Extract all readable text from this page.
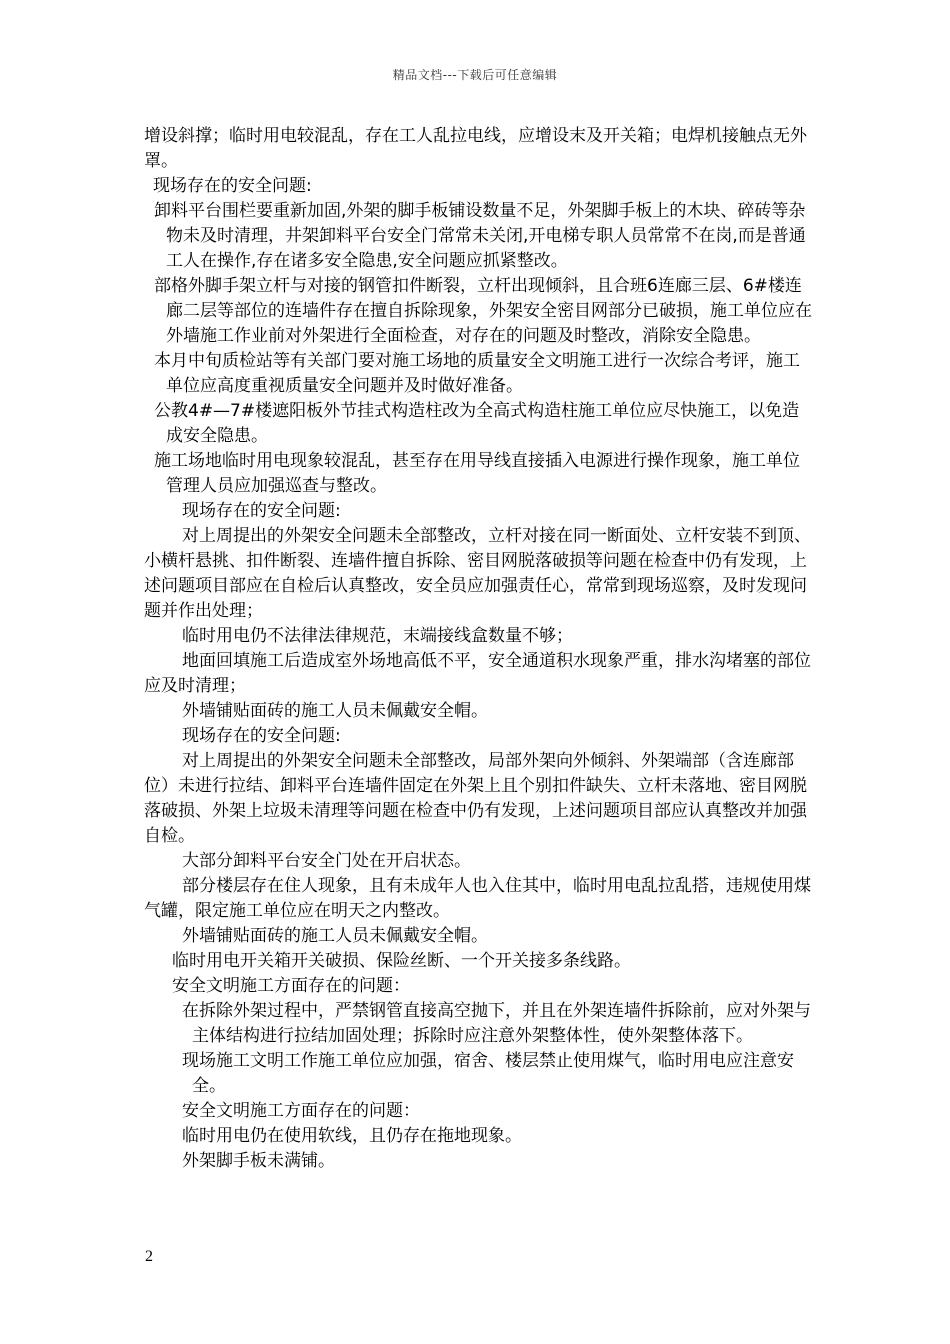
精品文档---下载后可任意编辑

增设斜撑；临时用电较混乱，存在工人乱拉电线，应增设末及开关箱；电焊机接触点无外罩。

现场存在的安全问题:

卸料平台围栏要重新加固,外架的脚手板铺设数量不足，外架脚手板上的木块、碎砖等杂物未及时清理，井架卸料平台安全门常常未关闭,开电梯专职人员常常不在岗,而是普通工人在操作,存在诸多安全隐患,安全问题应抓紧整改。

部格外脚手架立杆与对接的钢管扣件断裂，立杆出现倾斜，且合班6连廊三层、6#楼连廊二层等部位的连墙件存在擅自拆除现象，外架安全密目网部分已破损，施工单位应在外墙施工作业前对外架进行全面检查，对存在的问题及时整改，消除安全隐患。

本月中旬质检站等有关部门要对施工场地的质量安全文明施工进行一次综合考评，施工单位应高度重视质量安全问题并及时做好准备。

公教4#—7#楼遮阳板外节挂式构造柱改为全高式构造柱施工单位应尽快施工，以免造成安全隐患。

施工场地临时用电现象较混乱，甚至存在用导线直接插入电源进行操作现象，施工单位管理人员应加强巡查与整改。

现场存在的安全问题:

对上周提出的外架安全问题未全部整改，立杆对接在同一断面处、立杆安装不到顶、小横杆悬挑、扣件断裂、连墙件擅自拆除、密目网脱落破损等问题在检查中仍有发现，上述问题项目部应在自检后认真整改，安全员应加强责任心，常常到现场巡察，及时发现问题并作出处理；

临时用电仍不法律法律规范，末端接线盒数量不够；

地面回填施工后造成室外场地高低不平，安全通道积水现象严重，排水沟堵塞的部位应及时清理；

外墙铺贴面砖的施工人员未佩戴安全帽。

现场存在的安全问题:

对上周提出的外架安全问题未全部整改，局部外架向外倾斜、外架端部（含连廊部位）未进行拉结、卸料平台连墙件固定在外架上且个别扣件缺失、立杆未落地、密目网脱落破损、外架上垃圾未清理等问题在检查中仍有发现，上述问题项目部应认真整改并加强自检。

大部分卸料平台安全门处在开启状态。

部分楼层存在住人现象，且有未成年人也入住其中，临时用电乱拉乱搭，违规使用煤气罐，限定施工单位应在明天之内整改。

外墙铺贴面砖的施工人员未佩戴安全帽。

临时用电开关箱开关破损、保险丝断、一个开关接多条线路。

安全文明施工方面存在的问题：

在拆除外架过程中，严禁钢管直接高空抛下，并且在外架连墙件拆除前，应对外架与主体结构进行拉结加固处理；拆除时应注意外架整体性，使外架整体落下。

现场施工文明工作施工单位应加强，宿舍、楼层禁止使用煤气，临时用电应注意安全。

安全文明施工方面存在的问题：

临时用电仍在使用软线，且仍存在拖地现象。

外架脚手板未满铺。

2
